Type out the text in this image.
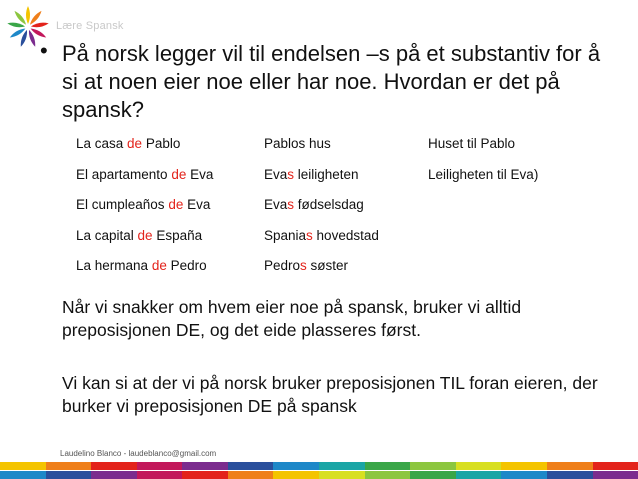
Lære Spansk
• På norsk legger vil til endelsen –s på et substantiv for å si at noen eier noe eller har noe. Hvordan er det på spansk?
La casa de Pablo	Pablos hus	Huset til Pablo
El apartamento de Eva	Evas leiligheten	Leiligheten til Eva)
El cumpleaños de Eva	Evas fødselsdag
La capital de España	Spanias hovedstad
La hermana de Pedro	Pedros søster
Når vi snakker om hvem eier noe på spansk, bruker vi alltid preposisjonen DE, og det eide plasseres først.
Vi kan si at der vi på norsk bruker preposisjonen TIL foran eieren, der burker vi preposisjonen DE på spansk
Laudelino Blanco - laudeblanco@gmail.com
